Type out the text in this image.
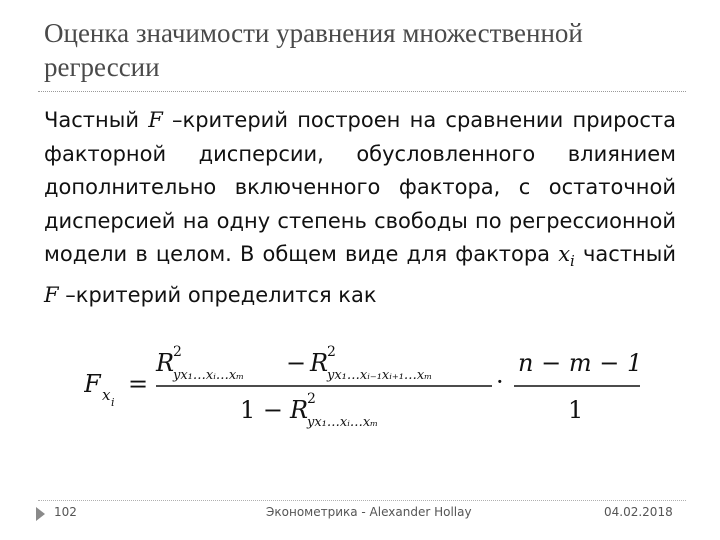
Оценка значимости уравнения множественной регрессии
Частный F –критерий построен на сравнении прироста факторной дисперсии, обусловленного влиянием дополнительно включенного фактора, с остаточной дисперсией на одну степень свободы по регрессионной модели в целом. В общем виде для фактора $x_i$ частный F –критерий определится как
F x i
=
R
2
yx₁…xᵢ…xₘ − R
2
yx₁…xᵢ₋₁xᵢ₊₁…xₘ
1 − R
2
yx₁…xᵢ…xₘ
·
n − m − 1
1
102	Эконометрика - Alexander Hollay	04.02.2018
